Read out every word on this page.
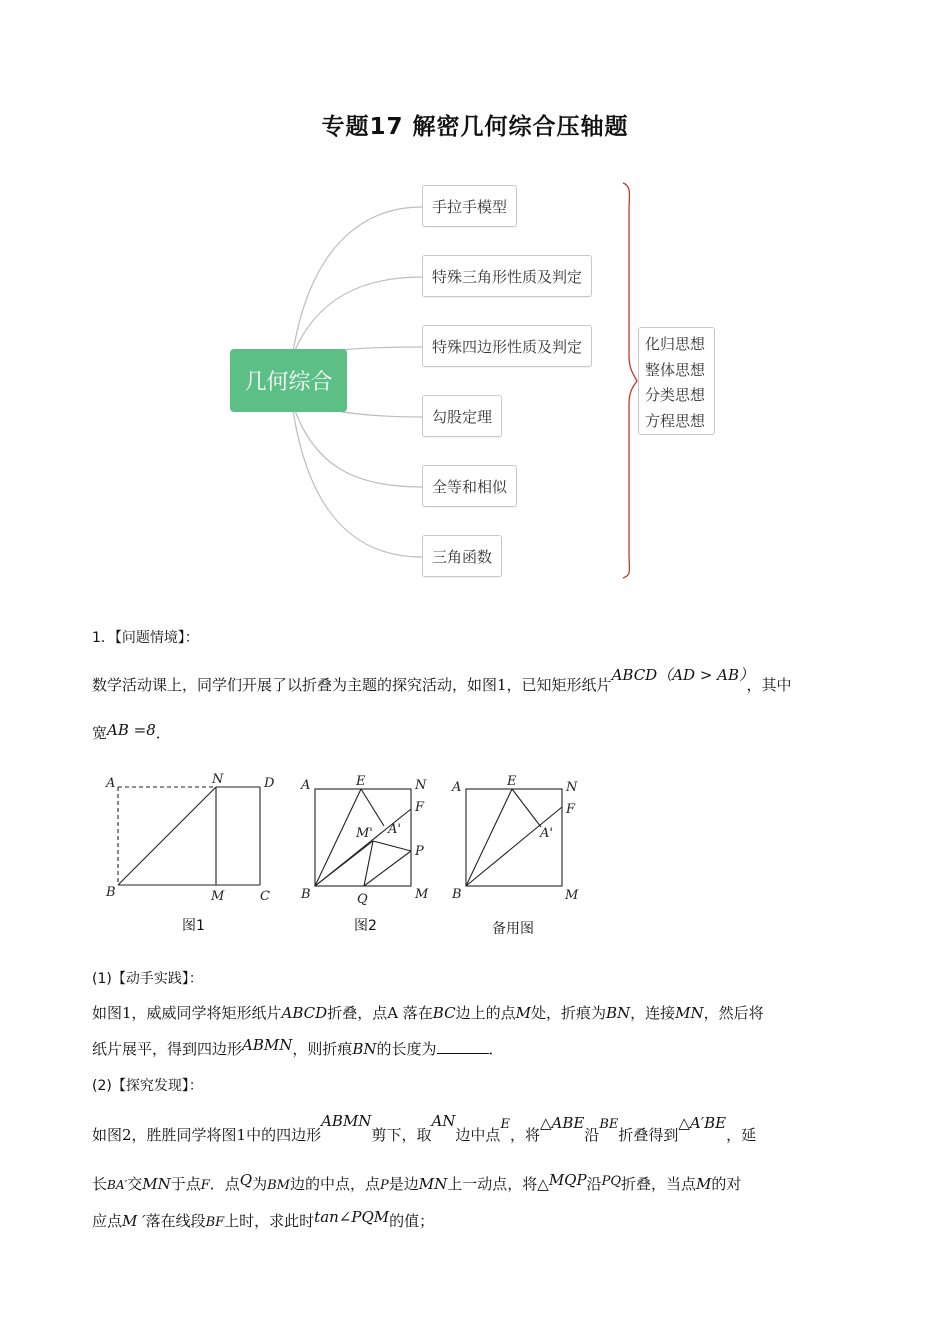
专题17 解密几何综合压轴题
几何综合
手拉手模型
特殊三角形性质及判定
特殊四边形性质及判定
勾股定理
全等和相似
三角函数
化归思想
整体思想
分类思想
方程思想
1．【问题情境】：
数学活动课上，同学们开展了以折叠为主题的探究活动，如图1，已知矩形纸片ABCD（AD > AB），其中
宽AB =8．
A	N	D
B	M	C
A	E	N
F
M' A'
P
B	Q	M
A	E	N
F
A'
B	M
图1	图2	备用图
(1)【动手实践】：
如图1，威威同学将矩形纸片ABCD折叠，点A 落在BC边上的点M处，折痕为BN，连接MN，然后将
纸片展平，得到四边形ABMN，则折痕BN的长度为	．
(2)【探究发现】：
如图2，胜胜同学将图1中的四边形ABMN剪下，取AN边中点E，将△ABE沿BE折叠得到△A′BE，延
长BA′交MN于点F．点Q为BM边的中点，点P是边MN上一动点，将△MQP沿PQ折叠，当点M的对
应点M ′落在线段BF上时，求此时tan∠PQM的值；
